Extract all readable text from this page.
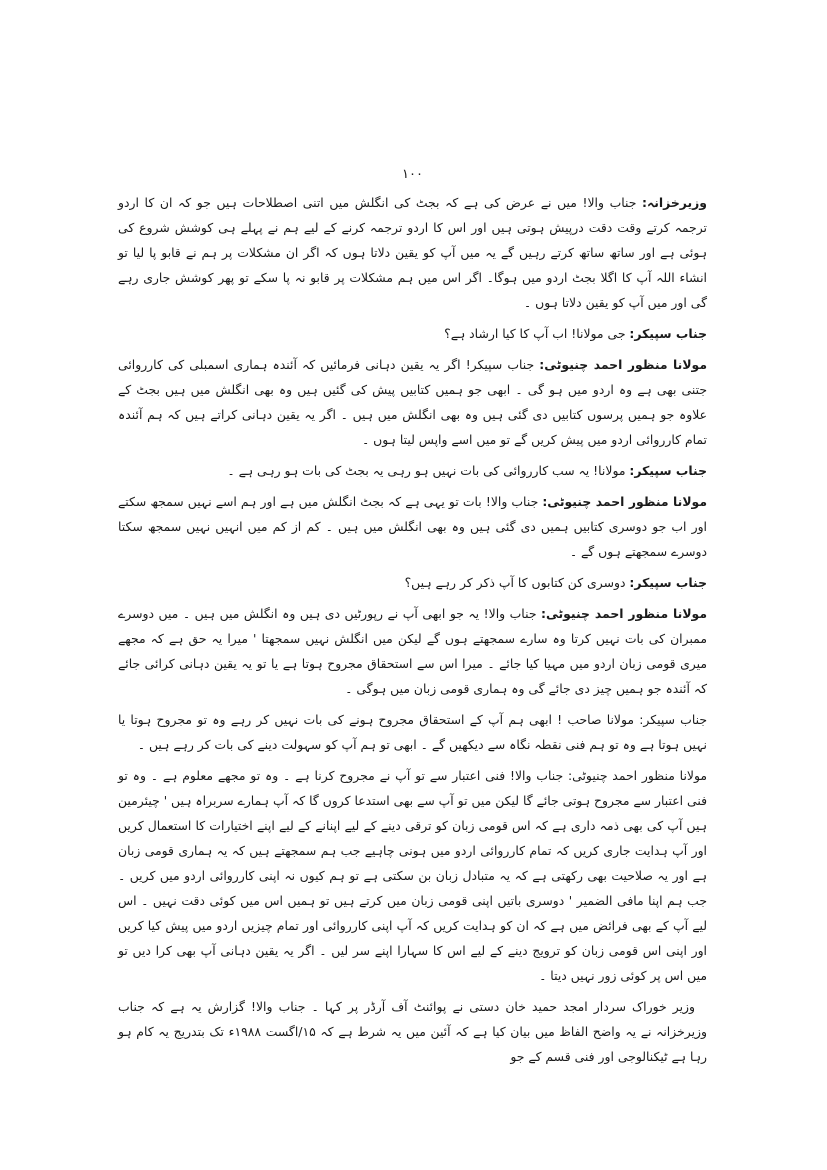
۱۰۰

وزیرخزانہ: جناب والا! میں نے عرض کی ہے کہ بجٹ کی انگلش میں اتنی اصطلاحات ہیں جو کہ ان کا اردو ترجمہ کرتے وقت دقت درپیش ہوتی ہیں اور اس کا اردو ترجمہ کرنے کے لیے ہم نے پہلے ہی کوشش شروع کی ہوئی ہے اور ساتھ ساتھ کرتے رہیں گے یہ میں آپ کو یقین دلاتا ہوں کہ اگر ان مشکلات پر ہم نے قابو پا لیا تو انشاء اللہ آپ کا اگلا بجٹ اردو میں ہوگا۔ اگر اس میں ہم مشکلات پر قابو نہ پا سکے تو پھر کوشش جاری رہے گی اور میں آپ کو یقین دلاتا ہوں ۔

جناب سپیکر: جی مولانا! اب آپ کا کیا ارشاد ہے؟

مولانا منظور احمد چنیوٹی: جناب سپیکر! اگر یہ یقین دہانی فرمائیں کہ آئندہ ہماری اسمبلی کی کارروائی جتنی بھی ہے وہ اردو میں ہو گی ۔ ابھی جو ہمیں کتابیں پیش کی گئیں ہیں وہ بھی انگلش میں ہیں بجٹ کے علاوہ جو ہمیں پرسوں کتابیں دی گئی ہیں وہ بھی انگلش میں ہیں ۔ اگر یہ یقین دہانی کراتے ہیں کہ ہم آئندہ تمام کارروائی اردو میں پیش کریں گے تو میں اسے واپس لیتا ہوں ۔

جناب سپیکر: مولانا! یہ سب کارروائی کی بات نہیں ہو رہی یہ بجٹ کی بات ہو رہی ہے ۔

مولانا منظور احمد چنیوٹی: جناب والا! بات تو یہی ہے کہ بجٹ انگلش میں ہے اور ہم اسے نہیں سمجھ سکتے اور اب جو دوسری کتابیں ہمیں دی گئی ہیں وہ بھی انگلش میں ہیں ۔ کم از کم میں انہیں نہیں سمجھ سکتا دوسرے سمجھتے ہوں گے ۔

جناب سپیکر: دوسری کن کتابوں کا آپ ذکر کر رہے ہیں؟

مولانا منظور احمد چنیوٹی: جناب والا! یہ جو ابھی آپ نے رپورٹیں دی ہیں وہ انگلش میں ہیں ۔ میں دوسرے ممبران کی بات نہیں کرتا وہ سارے سمجھتے ہوں گے لیکن میں انگلش نہیں سمجھتا ' میرا یہ حق ہے کہ مجھے میری قومی زبان اردو میں مہیا کیا جائے ۔ میرا اس سے استحقاق مجروح ہوتا ہے یا تو یہ یقین دہانی کرائی جائے کہ آئندہ جو ہمیں چیز دی جائے گی وہ ہماری قومی زبان میں ہوگی ۔

جناب سپیکر: مولانا صاحب ! ابھی ہم آپ کے استحقاق مجروح ہونے کی بات نہیں کر رہے وہ تو مجروح ہوتا یا نہیں ہوتا ہے وہ تو ہم فنی نقطہ نگاہ سے دیکھیں گے ۔ ابھی تو ہم آپ کو سہولت دینے کی بات کر رہے ہیں ۔

مولانا منظور احمد چنیوٹی: جناب والا! فنی اعتبار سے تو آپ نے مجروح کرنا ہے ۔ وہ تو مجھے معلوم ہے ۔ وہ تو فنی اعتبار سے مجروح ہوتی جائے گا لیکن میں تو آپ سے بھی استدعا کروں گا کہ آپ ہمارے سربراہ ہیں ' چیئرمین ہیں آپ کی بھی ذمہ داری ہے کہ اس قومی زبان کو ترقی دینے کے لیے اپنانے کے لیے اپنے اختیارات کا استعمال کریں اور آپ ہدایت جاری کریں کہ تمام کارروائی اردو میں ہونی چاہیے جب ہم سمجھتے ہیں کہ یہ ہماری قومی زبان ہے اور یہ صلاحیت بھی رکھتی ہے کہ یہ متبادل زبان بن سکتی ہے تو ہم کیوں نہ اپنی کارروائی اردو میں کریں ۔ جب ہم اپنا مافی الضمیر ' دوسری باتیں اپنی قومی زبان میں کرتے ہیں تو ہمیں اس میں کوئی دقت نہیں ۔ اس لیے آپ کے بھی فرائض میں ہے کہ ان کو ہدایت کریں کہ آپ اپنی کارروائی اور تمام چیزیں اردو میں پیش کیا کریں اور اپنی اس قومی زبان کو ترویج دینے کے لیے اس کا سہارا اپنے سر لیں ۔ اگر یہ یقین دہانی آپ بھی کرا دیں تو میں اس پر کوئی زور نہیں دیتا ۔

وزیر خوراک سردار امجد حمید خان دستی نے پوائنٹ آف آرڈر پر کہا ۔ جناب والا! گزارش یہ ہے کہ جناب وزیرخزانہ نے یہ واضح الفاظ میں بیان کیا ہے کہ آئین میں یہ شرط ہے کہ ۱۵/اگست ۱۹۸۸ء تک بتدریج یہ کام ہو رہا ہے ٹیکنالوجی اور فنی قسم کے جو
